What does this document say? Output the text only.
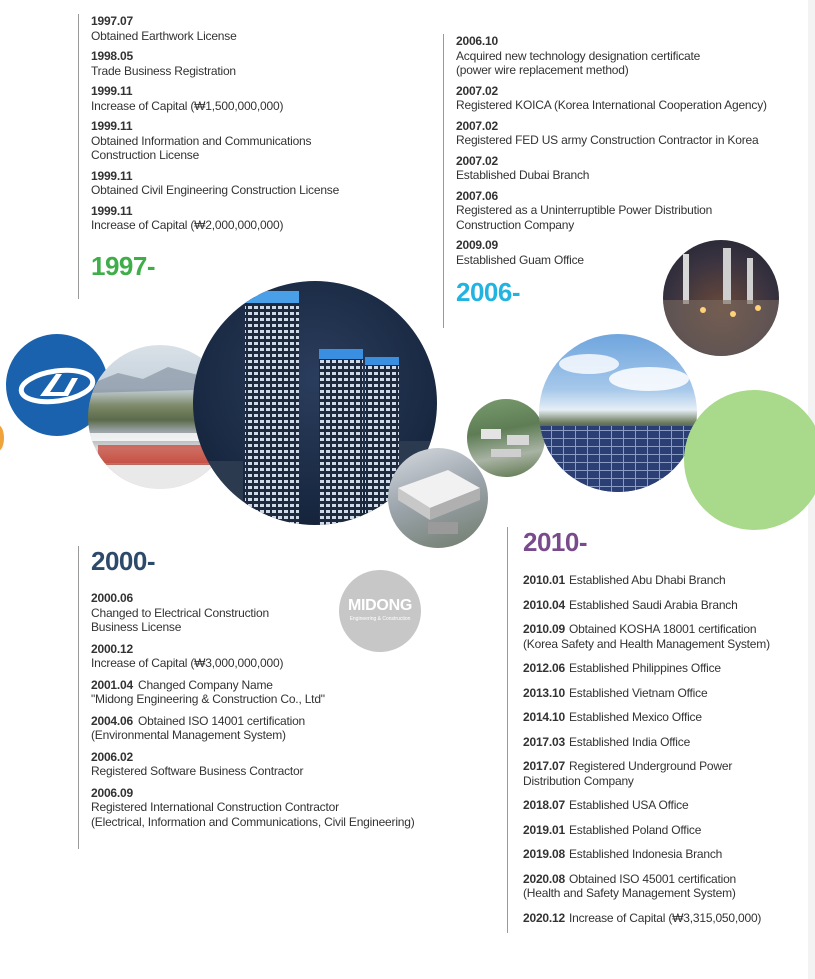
1997.07
Obtained Earthwork License
1998.05
Trade Business Registration
1999.11
Increase of Capital (₩1,500,000,000)
1999.11
Obtained Information and Communications
Construction License
1999.11
Obtained Civil Engineering Construction License
1999.11
Increase of Capital (₩2,000,000,000)
1997-
2006.10
Acquired new technology designation certificate
(power wire replacement method)
2007.02
Registered KOICA (Korea International Cooperation Agency)
2007.02
Registered FED US army Construction Contractor in Korea
2007.02
Established Dubai Branch
2007.06
Registered as a Uninterruptible Power Distribution
Construction Company
2009.09
Established Guam Office
2006-
MIDONG
Engineering & Construction
2000-
2000.06
Changed to Electrical Construction
Business License
2000.12
Increase of Capital (₩3,000,000,000)
2001.04 Changed Company Name
"Midong Engineering & Construction Co., Ltd"
2004.06 Obtained ISO 14001 certification
(Environmental Management System)
2006.02
Registered Software Business Contractor
2006.09
Registered International Construction Contractor
(Electrical, Information and Communications, Civil Engineering)
2010-
2010.01 Established Abu Dhabi Branch
2010.04 Established Saudi Arabia Branch
2010.09 Obtained KOSHA 18001 certification
(Korea Safety and Health Management System)
2012.06 Established Philippines Office
2013.10 Established Vietnam Office
2014.10 Established Mexico Office
2017.03 Established India Office
2017.07 Registered Underground Power
Distribution Company
2018.07 Established USA Office
2019.01 Established Poland Office
2019.08 Established Indonesia Branch
2020.08 Obtained ISO 45001 certification
(Health and Safety Management System)
2020.12 Increase of Capital (₩3,315,050,000)
